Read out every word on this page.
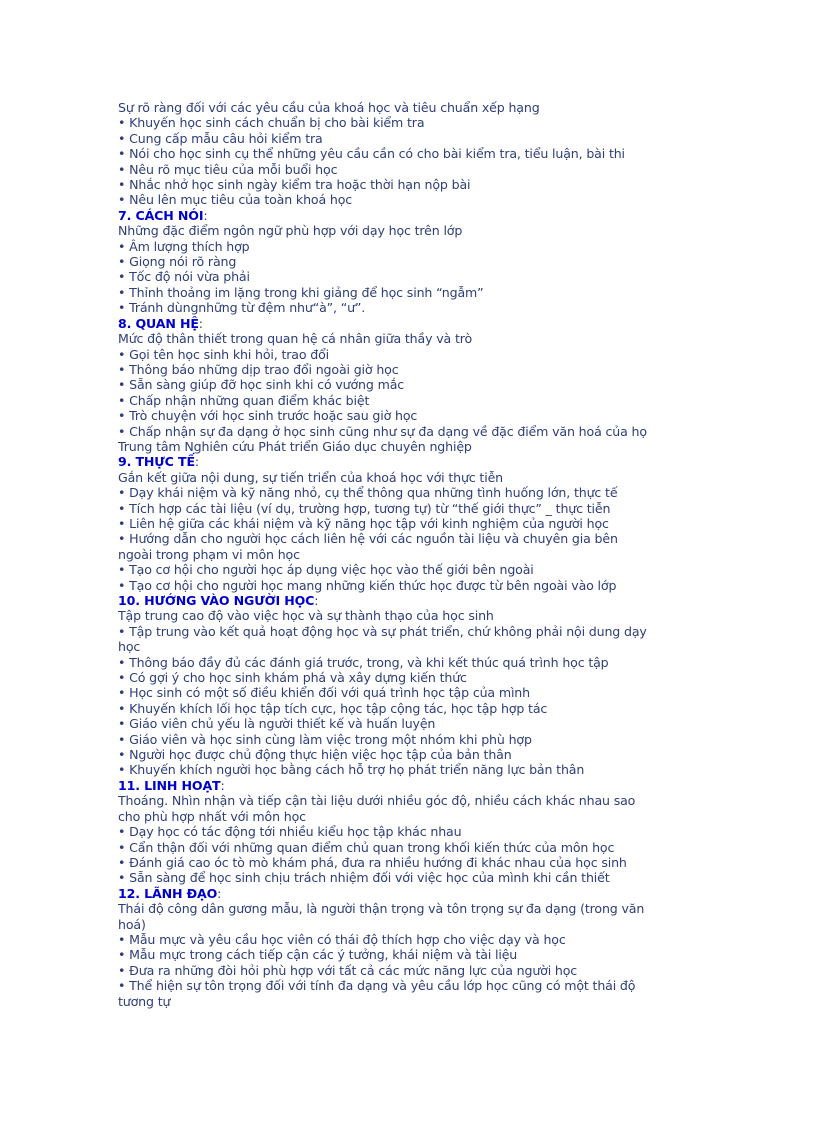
Sự rõ ràng đối với các yêu cầu của khoá học và tiêu chuẩn xếp hạng
• Khuyến học sinh cách chuẩn bị cho bài kiểm tra
• Cung cấp mẫu câu hỏi kiểm tra
• Nói cho học sinh cụ thể những yêu cầu cần có cho bài kiểm tra, tiểu luận, bài thi
• Nêu rõ mục tiêu của mỗi buổi học
• Nhắc nhở học sinh ngày kiểm tra hoặc thời hạn nộp bài
• Nêu lên mục tiêu của toàn khoá học
7. CÁCH NÓI:
Những đặc điểm ngôn ngữ phù hợp với dạy học trên lớp
• Âm lượng thích hợp
• Giọng nói rõ ràng
• Tốc độ nói vừa phải
• Thỉnh thoảng im lặng trong khi giảng để học sinh “ngẫm”
• Tránh dùngnhững từ đệm như“à”, “ư”.
8. QUAN HỆ:
Mức độ thân thiết trong quan hệ cá nhân giữa thầy và trò
• Gọi tên học sinh khi hỏi, trao đổi
• Thông báo những dịp trao đổi ngoài giờ học
• Sẵn sàng giúp đỡ học sinh khi có vướng mắc
• Chấp nhận những quan điểm khác biệt
• Trò chuyện với học sinh trước hoặc sau giờ học
• Chấp nhận sự đa dạng ở học sinh cũng như sự đa dạng về đặc điểm văn hoá của họ
Trung tâm Nghiên cứu Phát triển Giáo dục chuyên nghiệp
9. THỰC TẾ:
Gắn kết giữa nội dung, sự tiến triển của khoá học với thực tiễn
• Dạy khái niệm và kỹ năng nhỏ, cụ thể thông qua những tình huống lớn, thực tế
• Tích hợp các tài liệu (ví dụ, trường hợp, tương tự) từ “thế giới thực” _ thực tiễn
• Liên hệ giữa các khái niệm và kỹ năng học tập với kinh nghiệm của người học
• Hướng dẫn cho người học cách liên hệ với các nguồn tài liệu và chuyên gia bên
ngoài trong phạm vi môn học
• Tạo cơ hội cho người học áp dụng việc học vào thế giới bên ngoài
• Tạo cơ hội cho người học mang những kiến thức học được từ bên ngoài vào lớp
10. HƯỚNG VÀO NGƯỜI HỌC:
Tập trung cao độ vào việc học và sự thành thạo của học sinh
• Tập trung vào kết quả hoạt động học và sự phát triển, chứ không phải nội dung dạy
học
• Thông báo đầy đủ các đánh giá trước, trong, và khi kết thúc quá trình học tập
• Có gợi ý cho học sinh khám phá và xây dựng kiến thức
• Học sinh có một số điều khiển đối với quá trình học tập của mình
• Khuyến khích lối học tập tích cực, học tập cộng tác, học tập hợp tác
• Giáo viên chủ yếu là người thiết kế và huấn luyện
• Giáo viên và học sinh cùng làm việc trong một nhóm khi phù hợp
• Người học được chủ động thực hiện việc học tập của bản thân
• Khuyến khích người học bằng cách hỗ trợ họ phát triển năng lực bản thân
11. LINH HOẠT:
Thoáng. Nhìn nhận và tiếp cận tài liệu dưới nhiều góc độ, nhiều cách khác nhau sao
cho phù hợp nhất với môn học
• Dạy học có tác động tới nhiều kiểu học tập khác nhau
• Cẩn thận đối với những quan điểm chủ quan trong khối kiến thức của môn học
• Đánh giá cao óc tò mò khám phá, đưa ra nhiều hướng đi khác nhau của học sinh
• Sẵn sàng để học sinh chịu trách nhiệm đối với việc học của mình khi cần thiết
12. LÃNH ĐẠO:
Thái độ công dân gương mẫu, là người thận trọng và tôn trọng sự đa dạng (trong văn
hoá)
• Mẫu mực và yêu cầu học viên có thái độ thích hợp cho việc dạy và học
• Mẫu mực trong cách tiếp cận các ý tưởng, khái niệm và tài liệu
• Đưa ra những đòi hỏi phù hợp với tất cả các mức năng lực của người học
• Thể hiện sự tôn trọng đối với tính đa dạng và yêu cầu lớp học cũng có một thái độ
tương tự
